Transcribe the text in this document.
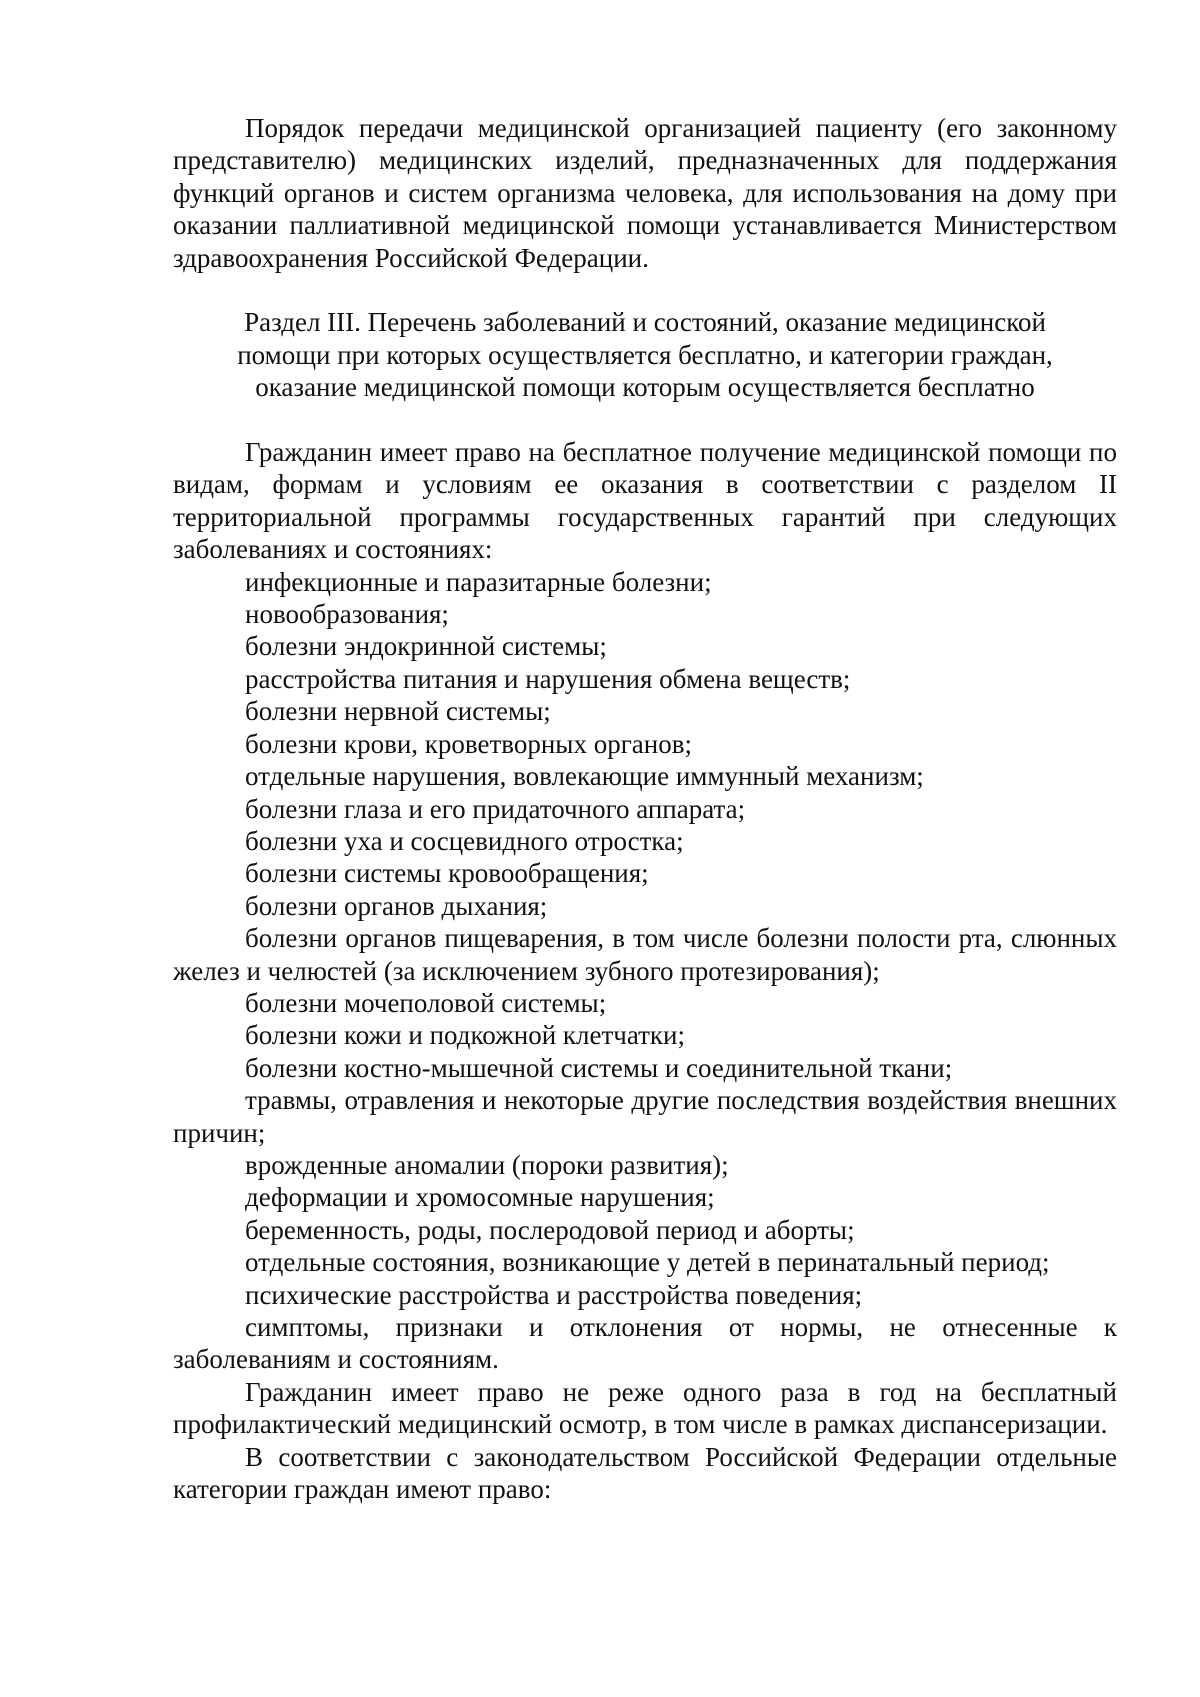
Порядок передачи медицинской организацией пациенту (его законному представителю) медицинских изделий, предназначенных для поддержания функций органов и систем организма человека, для использования на дому при оказании паллиативной медицинской помощи устанавливается Министерством здравоохранения Российской Федерации.

Раздел III. Перечень заболеваний и состояний, оказание медицинской помощи при которых осуществляется бесплатно, и категории граждан, оказание медицинской помощи которым осуществляется бесплатно

Гражданин имеет право на бесплатное получение медицинской помощи по видам, формам и условиям ее оказания в соответствии с разделом II территориальной программы государственных гарантий при следующих заболеваниях и состояниях:

инфекционные и паразитарные болезни;

новообразования;

болезни эндокринной системы;

расстройства питания и нарушения обмена веществ;

болезни нервной системы;

болезни крови, кроветворных органов;

отдельные нарушения, вовлекающие иммунный механизм;

болезни глаза и его придаточного аппарата;

болезни уха и сосцевидного отростка;

болезни системы кровообращения;

болезни органов дыхания;

болезни органов пищеварения, в том числе болезни полости рта, слюнных желез и челюстей (за исключением зубного протезирования);

болезни мочеполовой системы;

болезни кожи и подкожной клетчатки;

болезни костно-мышечной системы и соединительной ткани;

травмы, отравления и некоторые другие последствия воздействия внешних причин;

врожденные аномалии (пороки развития);

деформации и хромосомные нарушения;

беременность, роды, послеродовой период и аборты;

отдельные состояния, возникающие у детей в перинатальный период;

психические расстройства и расстройства поведения;

симптомы, признаки и отклонения от нормы, не отнесенные к заболеваниям и состояниям.

Гражданин имеет право не реже одного раза в год на бесплатный профилактический медицинский осмотр, в том числе в рамках диспансеризации.

В соответствии с законодательством Российской Федерации отдельные категории граждан имеют право:
